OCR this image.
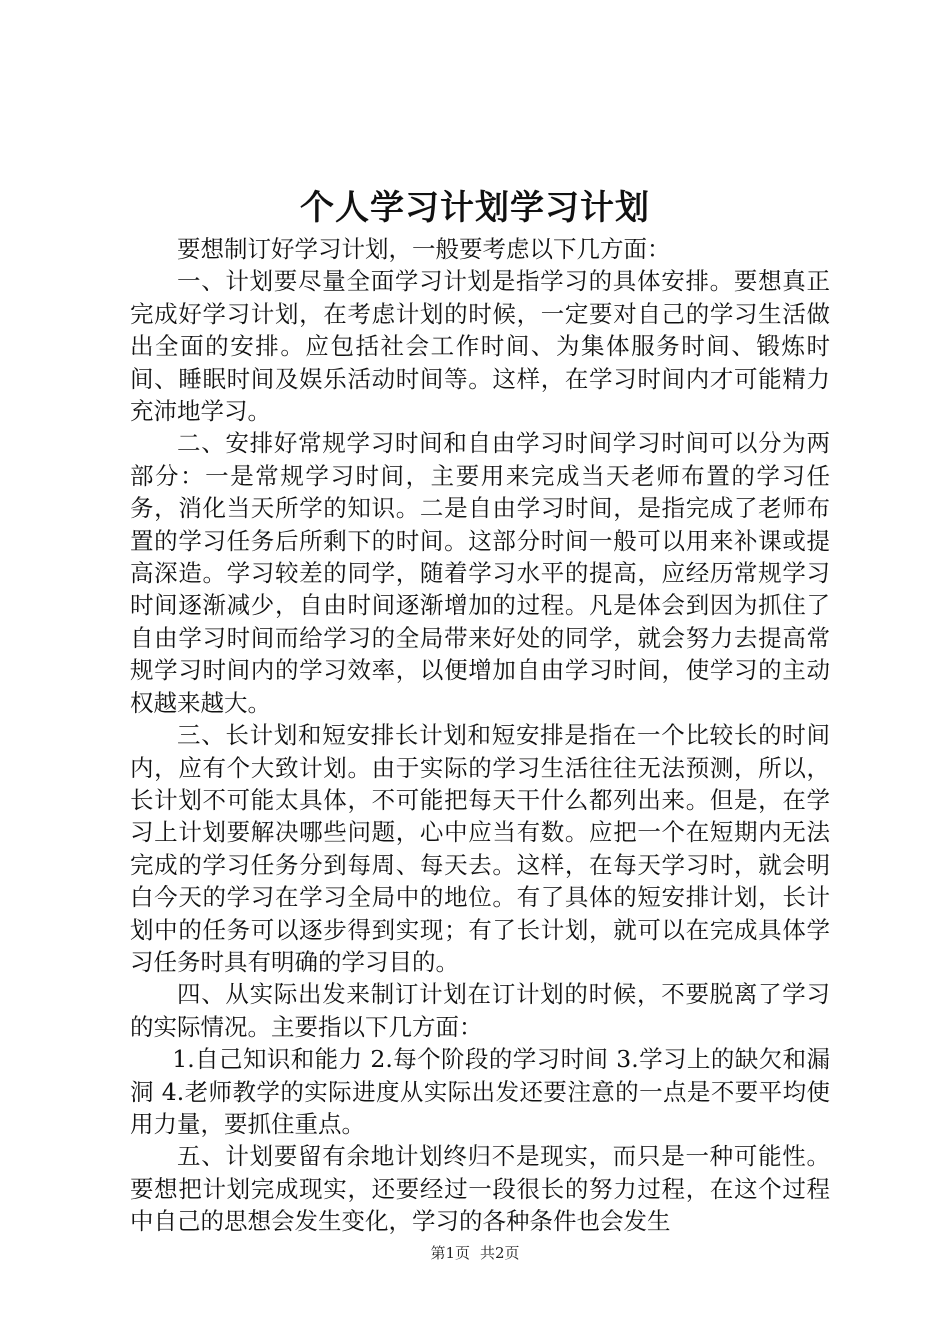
个人学习计划学习计划

要想制订好学习计划，一般要考虑以下几方面：

一、计划要尽量全面学习计划是指学习的具体安排。要想真正完成好学习计划，在考虑计划的时候，一定要对自己的学习生活做出全面的安排。应包括社会工作时间、为集体服务时间、锻炼时间、睡眠时间及娱乐活动时间等。这样，在学习时间内才可能精力充沛地学习。

二、安排好常规学习时间和自由学习时间学习时间可以分为两部分：一是常规学习时间，主要用来完成当天老师布置的学习任务，消化当天所学的知识。二是自由学习时间，是指完成了老师布置的学习任务后所剩下的时间。这部分时间一般可以用来补课或提高深造。学习较差的同学，随着学习水平的提高，应经历常规学习时间逐渐减少，自由时间逐渐增加的过程。凡是体会到因为抓住了自由学习时间而给学习的全局带来好处的同学，就会努力去提高常规学习时间内的学习效率，以便增加自由学习时间，使学习的主动权越来越大。

三、长计划和短安排长计划和短安排是指在一个比较长的时间内，应有个大致计划。由于实际的学习生活往往无法预测，所以，长计划不可能太具体，不可能把每天干什么都列出来。但是，在学习上计划要解决哪些问题，心中应当有数。应把一个在短期内无法完成的学习任务分到每周、每天去。这样，在每天学习时，就会明白今天的学习在学习全局中的地位。有了具体的短安排计划，长计划中的任务可以逐步得到实现；有了长计划，就可以在完成具体学习任务时具有明确的学习目的。

四、从实际出发来制订计划在订计划的时候，不要脱离了学习的实际情况。主要指以下几方面：

1.自己知识和能力 2.每个阶段的学习时间 3.学习上的缺欠和漏洞 4.老师教学的实际进度从实际出发还要注意的一点是不要平均使用力量，要抓住重点。

五、计划要留有余地计划终归不是现实，而只是一种可能性。要想把计划完成现实，还要经过一段很长的努力过程，在这个过程中自己的思想会发生变化，学习的各种条件也会发生

第1页 共2页
